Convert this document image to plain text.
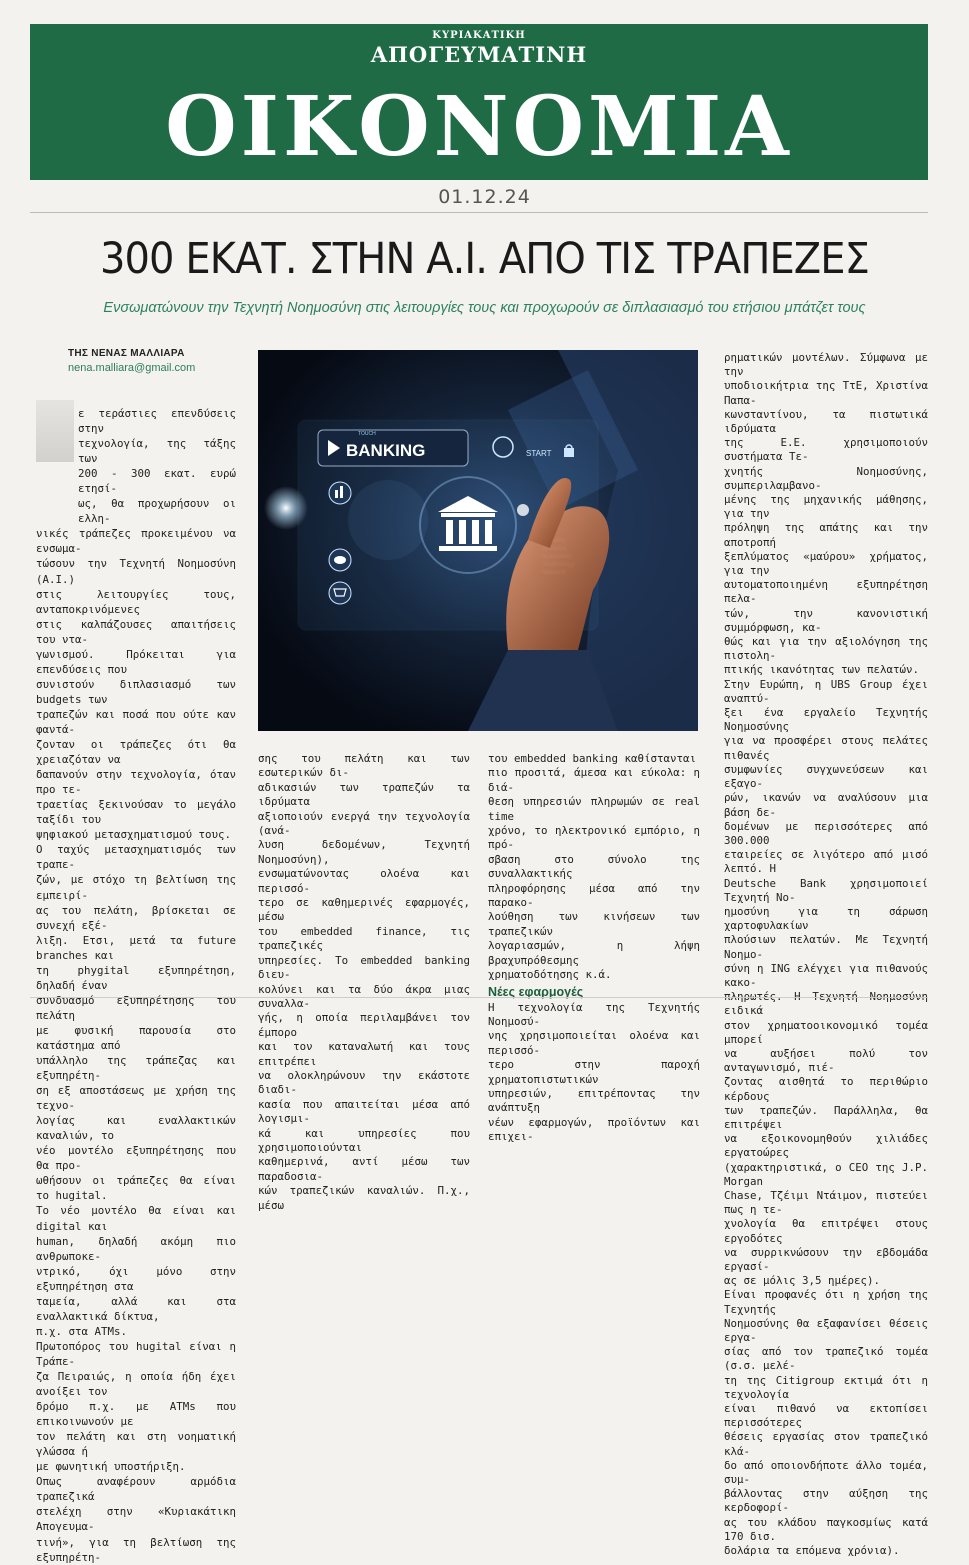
ΚΥΡΙΑΚΑΤΙΚΗ
ΑΠΟΓΕΥΜΑΤΙΝΗ
ΟΙΚΟΝΟΜΙΑ
01.12.24
300 ΕΚΑΤ. ΣΤΗΝ Α.Ι. ΑΠΟ ΤΙΣ ΤΡΑΠΕΖΕΣ
Ενσωματώνουν την Τεχνητή Νοημοσύνη στις λειτουργίες τους και προχωρούν σε διπλασιασμό του ετήσιου μπάτζετ τους
ΤΗΣ ΝΕΝΑΣ ΜΑΛΛΙΑΡΑ
nena.malliara@gmail.com

ε τεράστιες επενδύσεις στην

τεχνολογία, της τάξης των

200 - 300 εκατ. ευρώ ετησί-

ως, θα προχωρήσουν οι ελλη-

νικές τράπεζες προκειμένου να ενσωμα-

τώσουν την Τεχνητή Νοημοσύνη (Α.Ι.)

στις λειτουργίες τους, ανταποκρινόμενες

στις καλπάζουσες απαιτήσεις του ντα-

γωνισμού. Πρόκειται για επενδύσεις που

συνιστούν διπλασιασμό των budgets των

τραπεζών και ποσά που ούτε καν φαντά-

ζονταν οι τράπεζες ότι θα χρειαζόταν να

δαπανούν στην τεχνολογία, όταν προ τε-

τραετίας ξεκινούσαν το μεγάλο ταξίδι του

ψηφιακού μετασχηματισμού τους.

Ο ταχύς μετασχηματισμός των τραπε-

ζών, με στόχο τη βελτίωση της εμπειρί-

ας του πελάτη, βρίσκεται σε συνεχή εξέ-

λιξη. Ετσι, μετά τα future branches και

τη phygital εξυπηρέτηση, δηλαδή έναν

συνδυασμό εξυπηρέτησης του πελάτη

με φυσική παρουσία στο κατάστημα από

υπάλληλο της τράπεζας και εξυπηρέτη-

ση εξ αποστάσεως με χρήση της τεχνο-

λογίας και εναλλακτικών καναλιών, το

νέο μοντέλο εξυπηρέτησης που θα προ-

ωθήσουν οι τράπεζες θα είναι το hugital.

Το νέο μοντέλο θα είναι και digital και

human, δηλαδή ακόμη πιο ανθρωποκε-

ντρικό, όχι μόνο στην εξυπηρέτηση στα

ταμεία, αλλά και στα εναλλακτικά δίκτυα,

π.χ. στα ATMs.

Πρωτοπόρος του hugital είναι η Τράπε-

ζα Πειραιώς, η οποία ήδη έχει ανοίξει τον

δρόμο π.χ. με ATMs που επικοινωνούν με

τον πελάτη και στη νοηματική γλώσσα ή

με φωνητική υποστήριξη.

Οπως αναφέρουν αρμόδια τραπεζικά

στελέχη στην «Κυριακάτικη Απογευμα-

τινή», για τη βελτίωση της εξυπηρέτη-

BANKING
TOUCH
START

σης του πελάτη και των εσωτερικών δι-

αδικασιών των τραπεζών τα ιδρύματα

αξιοποιούν ενεργά την τεχνολογία (ανά-

λυση δεδομένων, Τεχνητή Νοημοσύνη),

ενσωματώνοντας ολοένα και περισσό-

τερο σε καθημερινές εφαρμογές, μέσω

του embedded finance, τις τραπεζικές

υπηρεσίες. Το embedded banking διευ-

κολύνει και τα δύο άκρα μιας συναλλα-

γής, η οποία περιλαμβάνει τον έμπορο

και τον καταναλωτή και τους επιτρέπει

να ολοκληρώνουν την εκάστοτε διαδι-

κασία που απαιτείται μέσα από λογισμι-

κά και υπηρεσίες που χρησιμοποιούνται

καθημερινά, αντί μέσω των παραδοσια-

κών τραπεζικών καναλιών. Π.χ., μέσω

του embedded banking καθίστανται

πιο προσιτά, άμεσα και εύκολα: η διά-

θεση υπηρεσιών πληρωμών σε real time

χρόνο, το ηλεκτρονικό εμπόριο, η πρό-

σβαση στο σύνολο της συναλλακτικής

πληροφόρησης μέσα από την παρακο-

λούθηση των κινήσεων των τραπεζικών

λογαριασμών, η λήψη βραχυπρόθεσμης

χρηματοδότησης κ.ά.

Νέες εφαρμογές

Η τεχνολογία της Τεχνητής Νοημοσύ-

νης χρησιμοποιείται ολοένα και περισσό-

τερο στην παροχή χρηματοπιστωτικών

υπηρεσιών, επιτρέποντας την ανάπτυξη

νέων εφαρμογών, προϊόντων και επιχει-

ρηματικών μοντέλων. Σύμφωνα με την

υποδιοικήτρια της ΤτΕ, Χριστίνα Παπα-

κωνσταντίνου, τα πιστωτικά ιδρύματα

της Ε.Ε. χρησιμοποιούν συστήματα Τε-

χνητής Νοημοσύνης, συμπεριλαμβανο-

μένης της μηχανικής μάθησης, για την

πρόληψη της απάτης και την αποτροπή

ξεπλύματος «μαύρου» χρήματος, για την

αυτοματοποιημένη εξυπηρέτηση πελα-

τών, την κανονιστική συμμόρφωση, κα-

θώς και για την αξιολόγηση της πιστολη-

πτικής ικανότητας των πελατών.

Στην Ευρώπη, η UBS Group έχει αναπτύ-

ξει ένα εργαλείο Τεχνητής Νοημοσύνης

για να προσφέρει στους πελάτες πιθανές

συμφωνίες συγχωνεύσεων και εξαγο-

ρών, ικανών να αναλύσουν μια βάση δε-

δομένων με περισσότερες από 300.000

εταιρείες σε λιγότερο από μισό λεπτό. Η

Deutsche Bank χρησιμοποιεί Τεχνητή Νο-

ημοσύνη για τη σάρωση χαρτοφυλακίων

πλούσιων πελατών. Με Τεχνητή Νοημο-

σύνη η ING ελέγχει για πιθανούς κακο-

πληρωτές. Η Τεχνητή Νοημοσύνη ειδικά

στον χρηματοοικονομικό τομέα μπορεί

να αυξήσει πολύ τον ανταγωνισμό, πιέ-

ζοντας αισθητά το περιθώριο κέρδους

των τραπεζών. Παράλληλα, θα επιτρέψει

να εξοικονομηθούν χιλιάδες εργατοώρες

(χαρακτηριστικά, ο CEO της J.P. Morgan

Chase, Τζέιμι Ντάιμον, πιστεύει πως η τε-

χνολογία θα επιτρέψει στους εργοδότες

να συρρικνώσουν την εβδομάδα εργασί-

ας σε μόλις 3,5 ημέρες).

Είναι προφανές ότι η χρήση της Τεχνητής

Νοημοσύνης θα εξαφανίσει θέσεις εργα-

σίας από τον τραπεζικό τομέα (σ.σ. μελέ-

τη της Citigroup εκτιμά ότι η τεχνολογία

είναι πιθανό να εκτοπίσει περισσότερες

θέσεις εργασίας στον τραπεζικό κλά-

δο από οποιονδήποτε άλλο τομέα, συμ-

βάλλοντας στην αύξηση της κερδοφορί-

ας του κλάδου παγκοσμίως κατά 170 δισ.

δολάρια τα επόμενα χρόνια).
